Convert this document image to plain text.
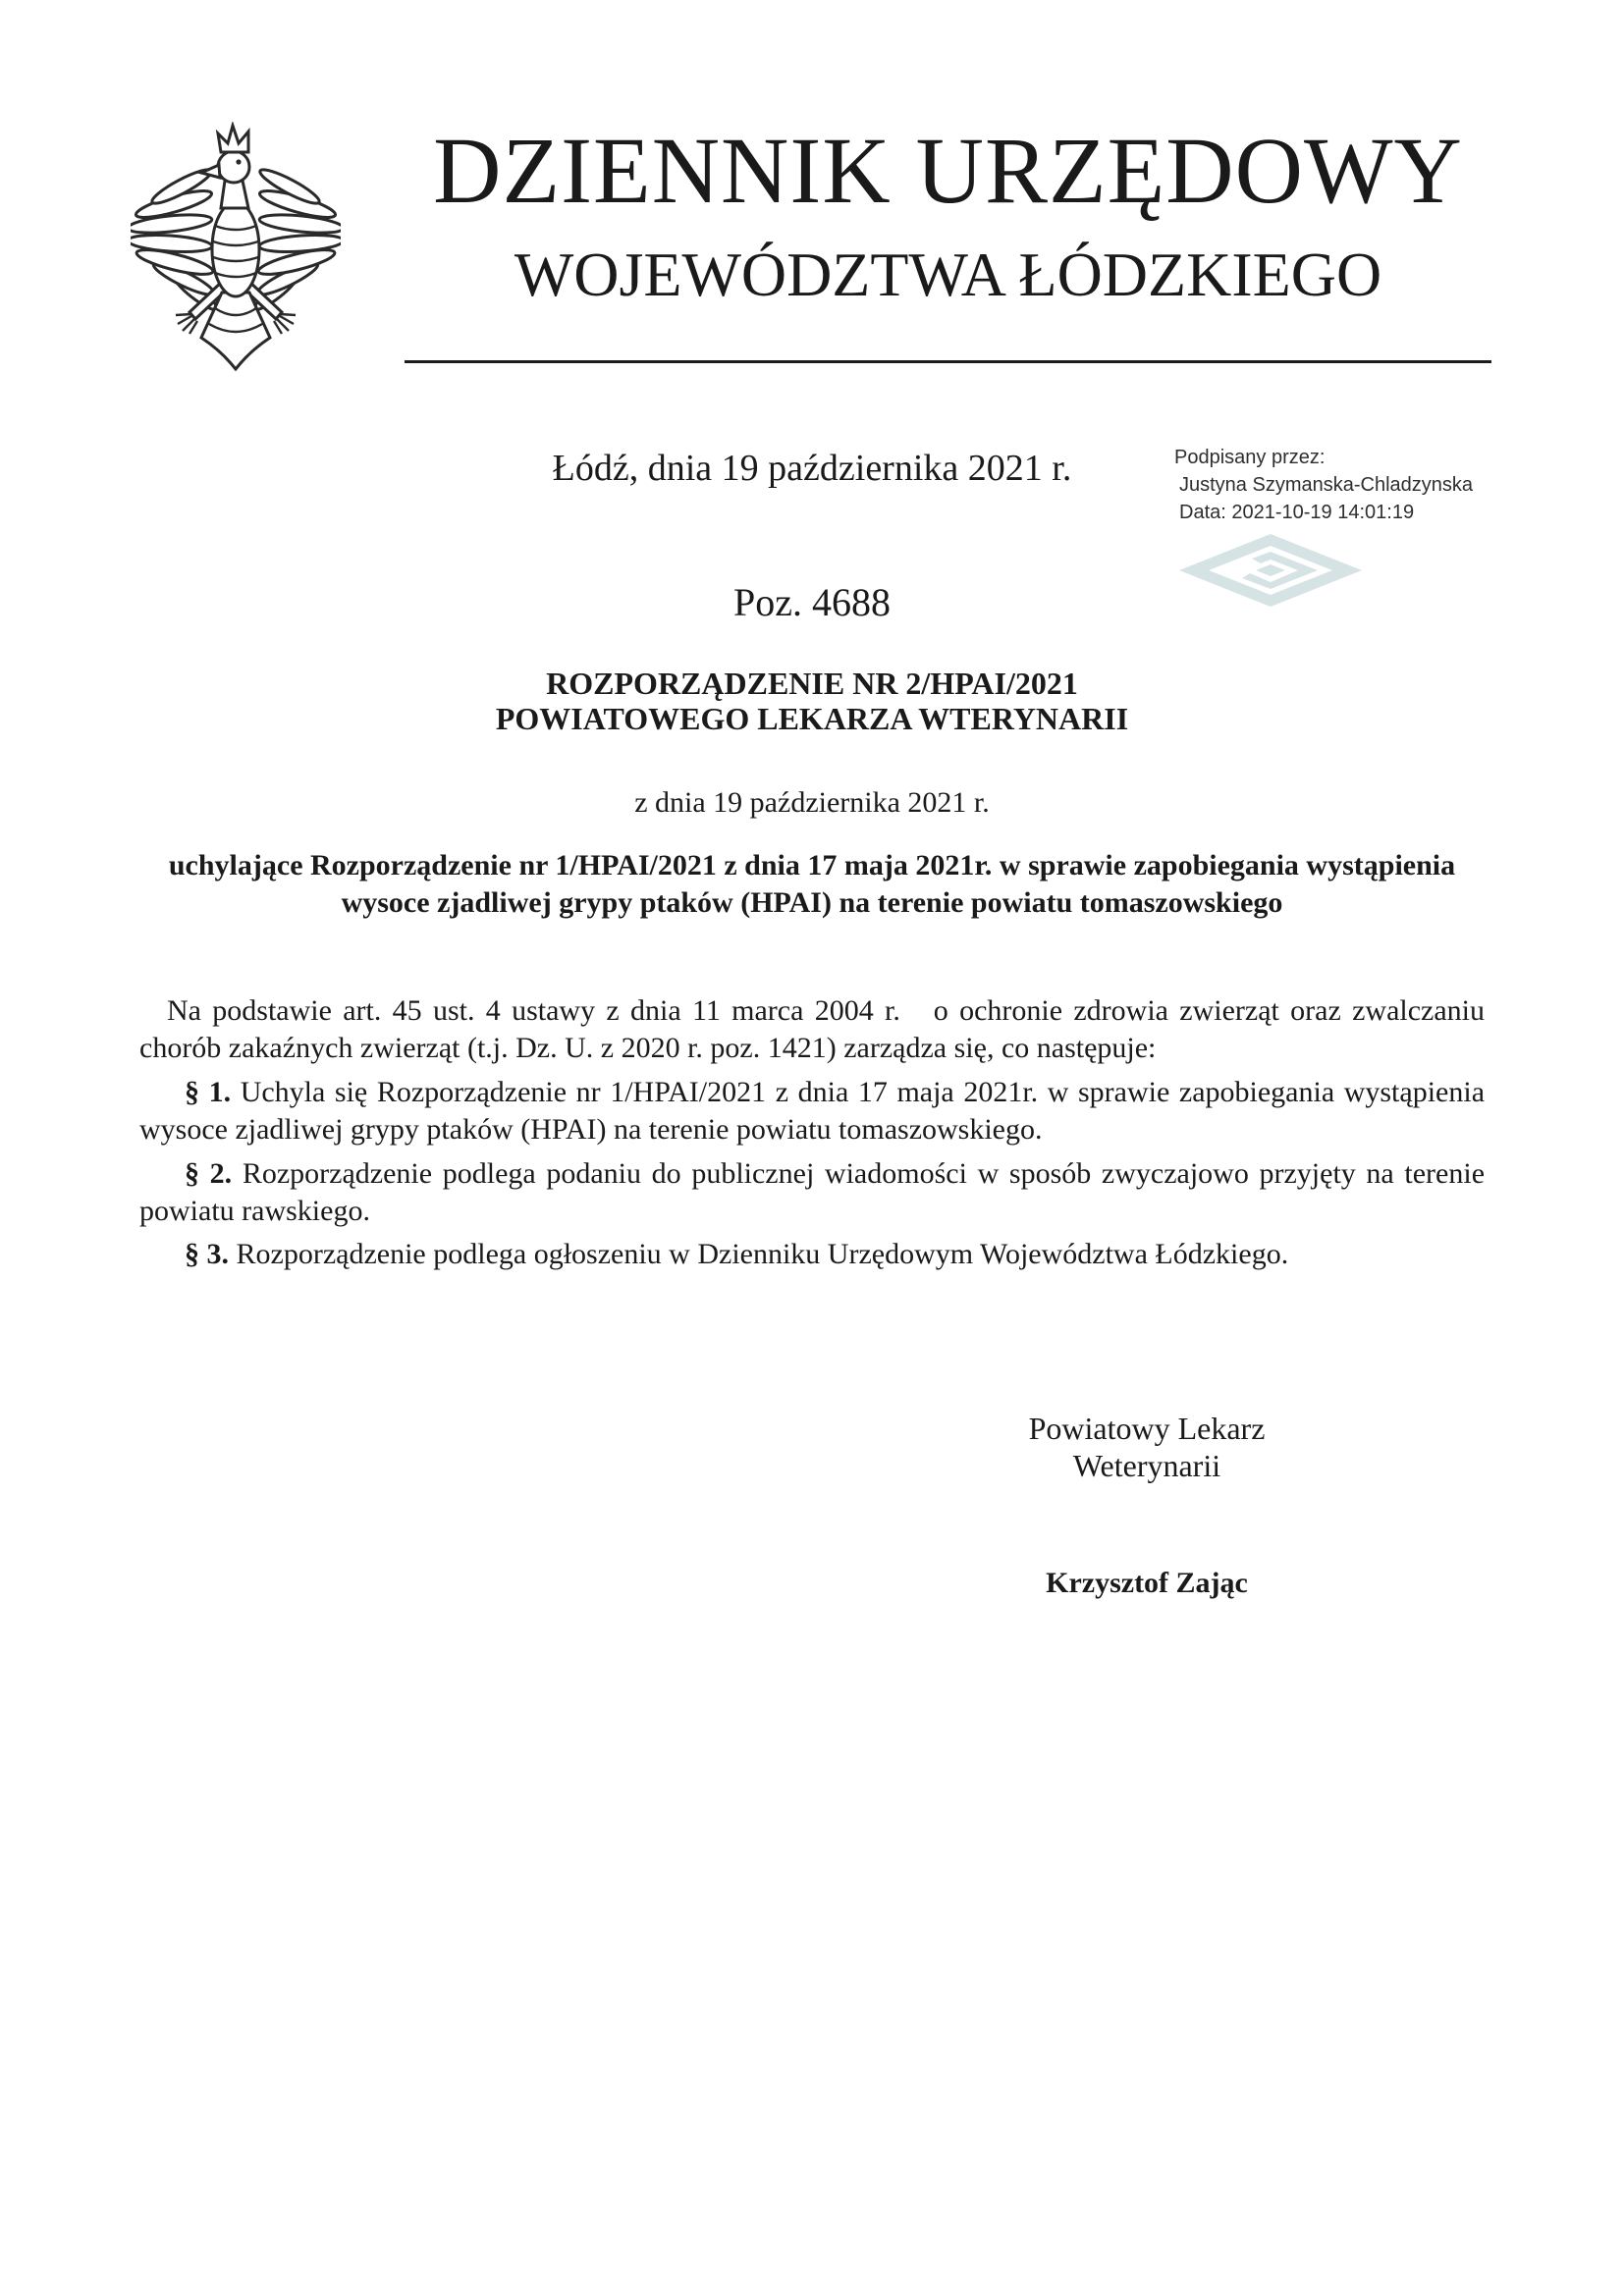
DZIENNIK URZĘDOWY
WOJEWÓDZTWA ŁÓDZKIEGO
Łódź, dnia 19 października 2021 r.	Podpisany przez:
Justyna Szymanska-Chladzynska
Data: 2021-10-19 14:01:19
Poz. 4688
ROZPORZĄDZENIE NR 2/HPAI/2021
POWIATOWEGO LEKARZA WTERYNARII
z dnia 19 października 2021 r.
uchylające Rozporządzenie nr 1/HPAI/2021 z dnia 17 maja 2021r. w sprawie zapobiegania wystąpienia wysoce zjadliwej grypy ptaków (HPAI) na terenie powiatu tomaszowskiego

Na podstawie art. 45 ust. 4 ustawy z dnia 11 marca 2004 r.   o ochronie zdrowia zwierząt oraz zwalczaniu chorób zakaźnych zwierząt (t.j. Dz. U. z 2020 r. poz. 1421) zarządza się, co następuje:

§ 1. Uchyla się Rozporządzenie nr 1/HPAI/2021 z dnia 17 maja 2021r. w sprawie zapobiegania wystąpienia wysoce zjadliwej grypy ptaków (HPAI) na terenie powiatu tomaszowskiego.

§ 2. Rozporządzenie podlega podaniu do publicznej wiadomości w sposób zwyczajowo przyjęty na terenie powiatu rawskiego.

§ 3. Rozporządzenie podlega ogłoszeniu w Dzienniku Urzędowym Województwa Łódzkiego.

Powiatowy Lekarz
Weterynarii
Krzysztof Zając
